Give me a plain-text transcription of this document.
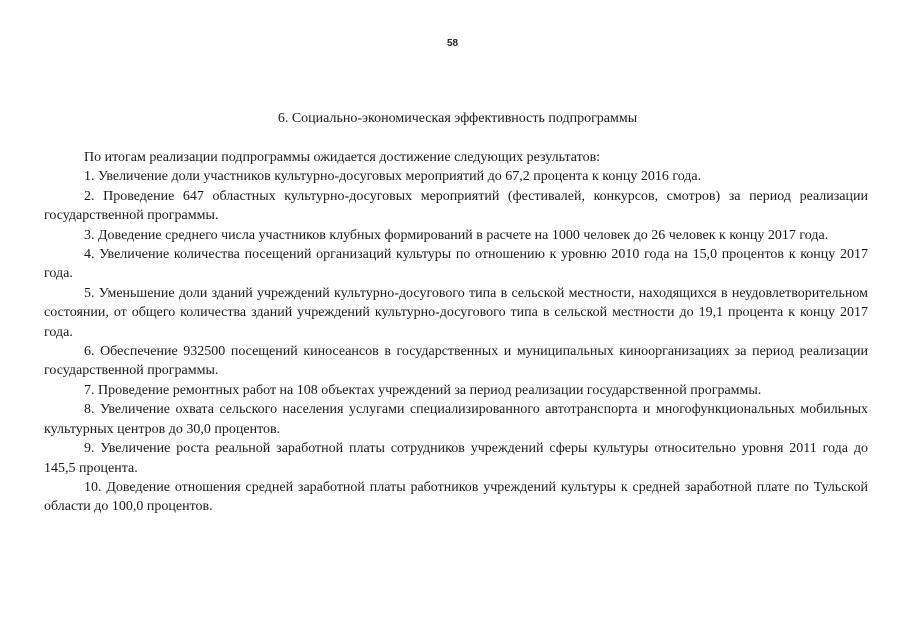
58
6. Социально-экономическая эффективность подпрограммы

По итогам реализации подпрограммы ожидается достижение следующих результатов:

1. Увеличение доли участников культурно-досуговых мероприятий до 67,2 процента к концу 2016 года.

2. Проведение 647 областных культурно-досуговых мероприятий (фестивалей, конкурсов, смотров) за период реализации государственной программы.

3. Доведение среднего числа участников клубных формирований в расчете на 1000 человек до 26 человек к концу 2017 года.

4. Увеличение количества посещений организаций культуры по отношению к уровню 2010 года на 15,0 процентов к концу 2017 года.

5. Уменьшение доли зданий учреждений культурно-досугового типа в сельской местности, находящихся в неудовлетворительном состоянии, от общего количества зданий учреждений культурно-досугового типа в сельской местности до 19,1 процента к концу 2017 года.

6. Обеспечение 932500 посещений киносеансов в государственных и муниципальных киноорганизациях за период реализации государственной программы.

7. Проведение ремонтных работ на 108 объектах учреждений за период реализации государственной программы.

8. Увеличение охвата сельского населения услугами специализированного автотранспорта и многофункциональных мобильных культурных центров до 30,0 процентов.

9. Увеличение роста реальной заработной платы сотрудников учреждений сферы культуры относительно уровня 2011 года до 145,5 процента.

10. Доведение отношения средней заработной платы работников учреждений культуры к средней заработной плате по Тульской области до 100,0 процентов.
